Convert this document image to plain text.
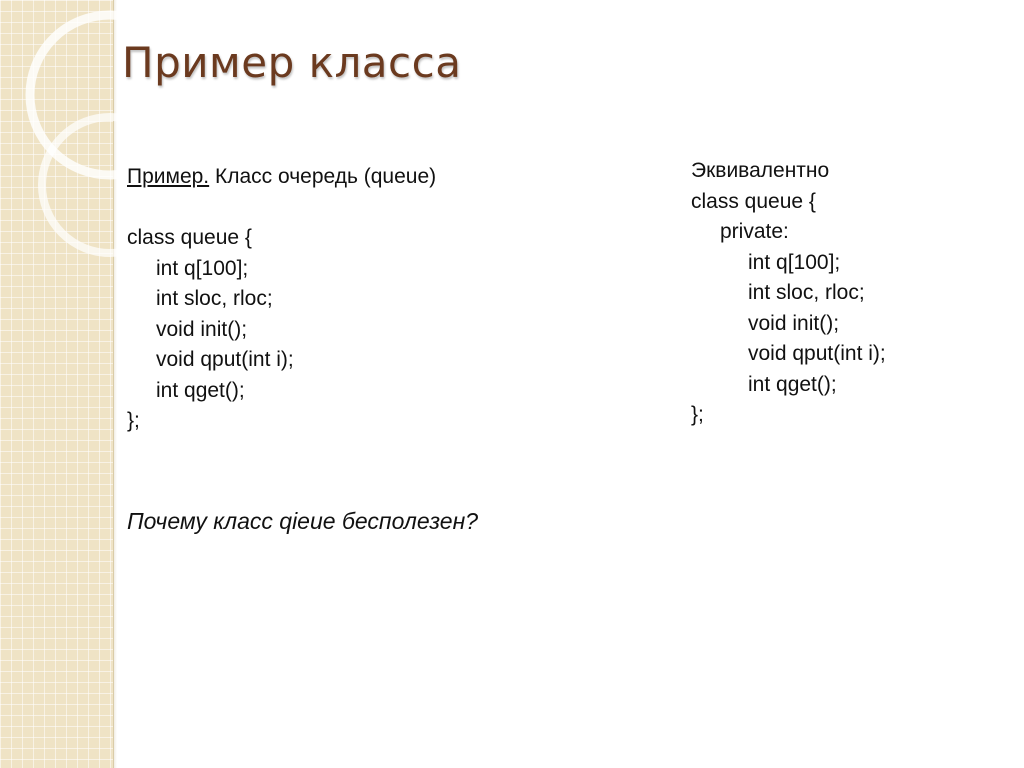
Пример класса
Пример. Класс очередь (queue)
class queue {
int q[100];
int sloc, rloc;
void init();
void qput(int i);
int qget();
};
Почему класс qieue бесполезен?
Эквивалентно
class queue {
private:
int q[100];
int sloc, rloc;
void init();
void qput(int i);
int qget();
};
